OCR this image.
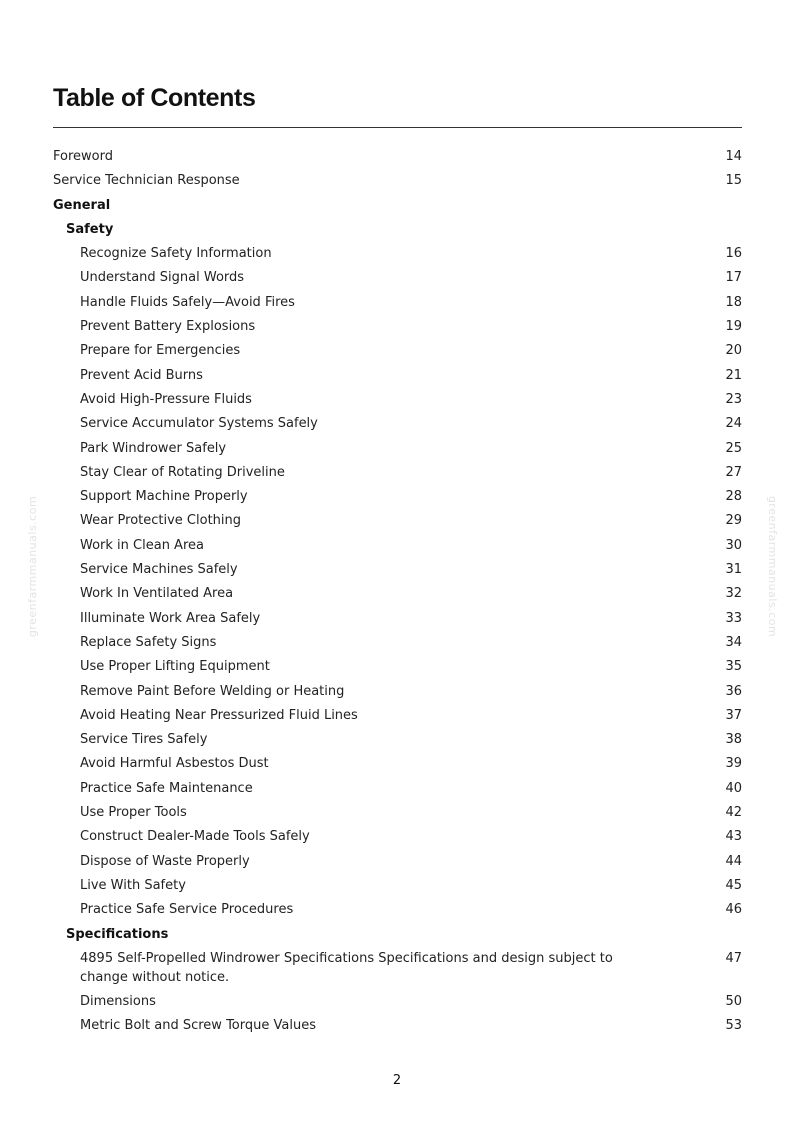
Table of Contents
Foreword	14
Service Technician Response	15
General
Safety
Recognize Safety Information	16
Understand Signal Words	17
Handle Fluids Safely—Avoid Fires	18
Prevent Battery Explosions	19
Prepare for Emergencies	20
Prevent Acid Burns	21
Avoid High-Pressure Fluids	23
Service Accumulator Systems Safely	24
Park Windrower Safely	25
Stay Clear of Rotating Driveline	27
Support Machine Properly	28
Wear Protective Clothing	29
Work in Clean Area	30
Service Machines Safely	31
Work In Ventilated Area	32
Illuminate Work Area Safely	33
Replace Safety Signs	34
Use Proper Lifting Equipment	35
Remove Paint Before Welding or Heating	36
Avoid Heating Near Pressurized Fluid Lines	37
Service Tires Safely	38
Avoid Harmful Asbestos Dust	39
Practice Safe Maintenance	40
Use Proper Tools	42
Construct Dealer-Made Tools Safely	43
Dispose of Waste Properly	44
Live With Safety	45
Practice Safe Service Procedures	46
Specifications
4895 Self-Propelled Windrower Specifications Specifications and design subject to change without notice.
47
Dimensions	50
Metric Bolt and Screw Torque Values	53
2
greenfarmmanuals.com	greenfarmmanuals.com
